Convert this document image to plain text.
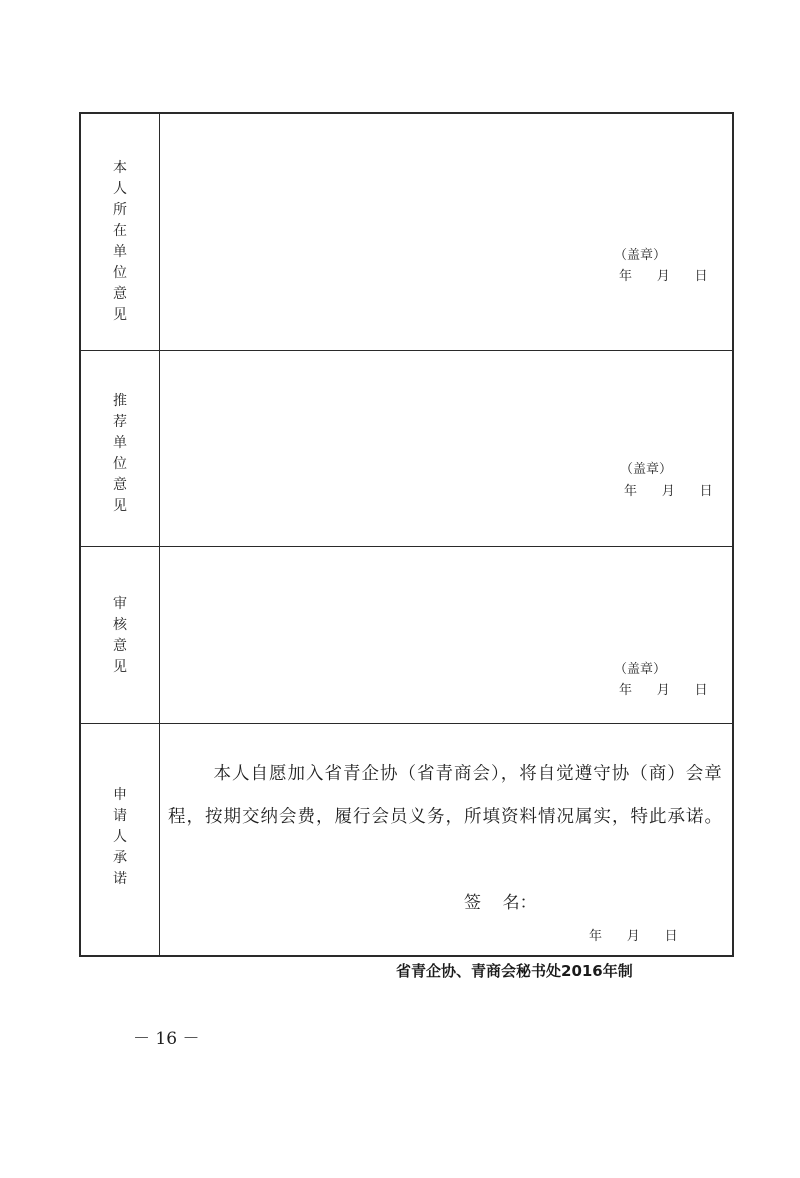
本
人
所
在
单
位
意
见
（盖章）
年      月      日
推
荐
单
位
意
见
（盖章）
年      月      日
审
核
意
见	（盖章）
年      月      日
申
请
人
承
诺
本人自愿加入省青企协（省青商会），将自觉遵守协（商）会章程，按期交纳会费，履行会员义务，所填资料情况属实，特此承诺。
签    名：
年      月      日
省青企协、青商会秘书处2016年制
－ 16 －
